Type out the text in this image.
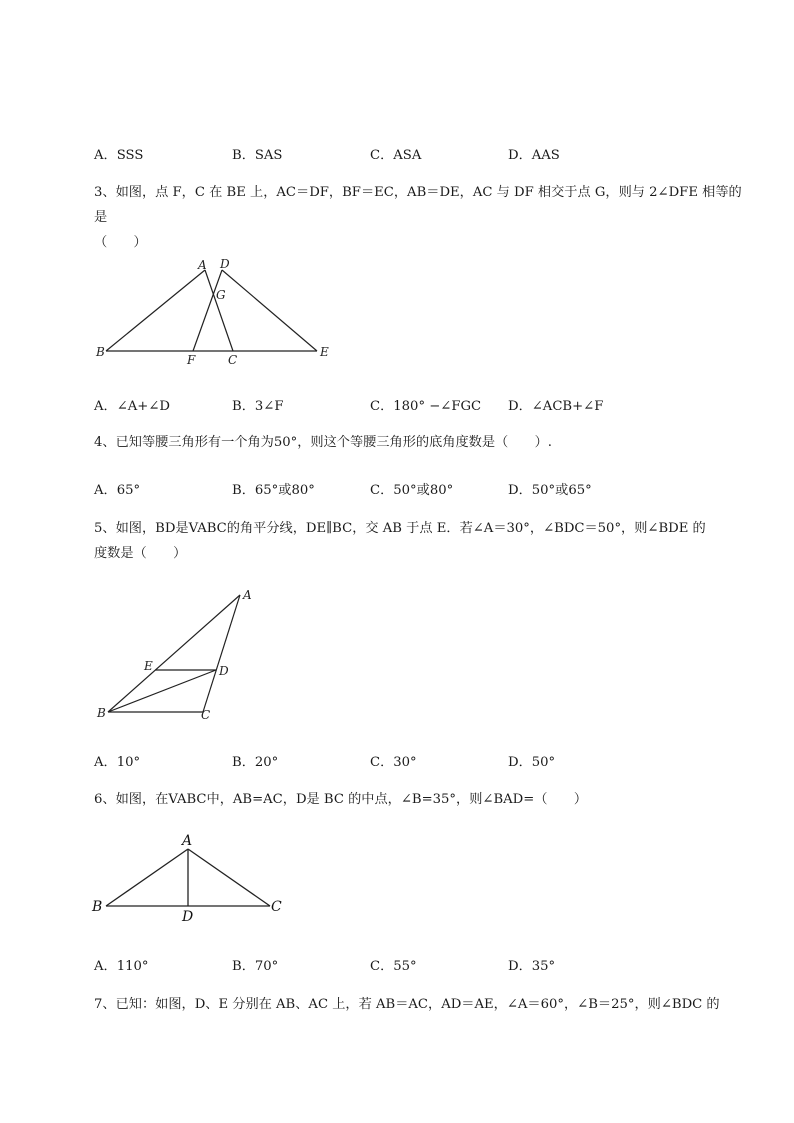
A．SSS	B．SAS	C．ASA	D．AAS
3、如图，点 F，C 在 BE 上，AC＝DF，BF＝EC，AB＝DE，AC 与 DF 相交于点 G，则与 2∠DFE 相等的是
（　　）
A D
G
B
F	C
E
A
E	D
B	C
A
B	C
D
A．∠A+∠D	B．3∠F	C．180° −∠FGC D．∠ACB+∠F
4、已知等腰三角形有一个角为50°，则这个等腰三角形的底角度数是（　　）.
A．65°	B．65°或80°	C．50°或80°	D．50°或65°
5、如图，BD是VABC的角平分线，DE∥BC，交 AB 于点 E．若∠A＝30°，∠BDC＝50°，则∠BDE 的
度数是（　　）
A．10°	B．20°	C．30°	D．50°
6、如图，在VABC中，AB=AC，D是 BC 的中点，∠B=35°，则∠BAD=（　　）
A．110°	B．70°	C．55°	D．35°
7、已知：如图，D、E 分别在 AB、AC 上，若 AB＝AC，AD＝AE，∠A＝60°，∠B＝25°，则∠BDC 的
